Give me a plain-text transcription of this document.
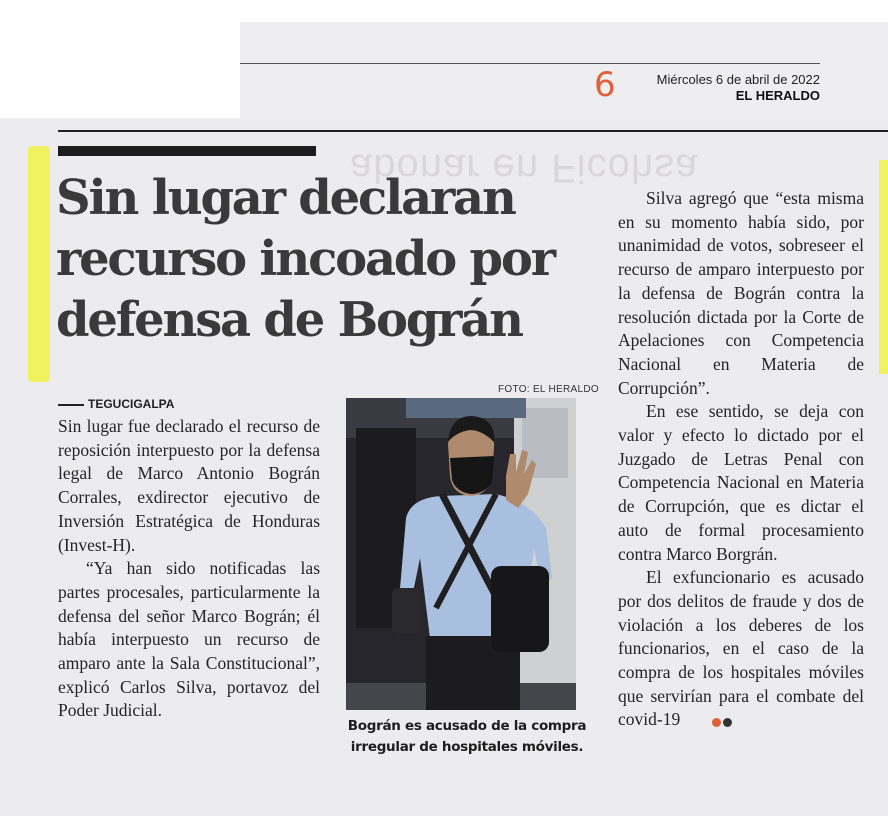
6	Miércoles 6 de abril de 2022
EL HERALDO
abonar en Ficohsa
Sin lugar declaran recurso incoado por defensa de Bográn
FOTO: EL HERALDO
TEGUCIGALPA

Sin lugar fue declarado el recurso de reposición interpuesto por la defensa legal de Marco Antonio Bográn Corrales, exdirector ejecutivo de Inversión Estratégica de Honduras (Invest-H).

“Ya han sido notificadas las partes procesales, particularmente la defensa del señor Marco Bográn; él había interpuesto un recurso de amparo ante la Sala Constitucional”, explicó Carlos Silva, portavoz del Poder Judicial.

Bográn es acusado de la compra irregular de hospitales móviles.

Silva agregó que “esta misma en su momento había sido, por unanimidad de votos, sobreseer el recurso de amparo interpuesto por la defensa de Bográn contra la resolución dictada por la Corte de Apelaciones con Competencia Nacional en Materia de Corrupción”.

En ese sentido, se deja con valor y efecto lo dictado por el Juzgado de Letras Penal con Competencia Nacional en Materia de Corrupción, que es dictar el auto de formal procesamiento contra Marco Borgrán.

El exfuncionario es acusado por dos delitos de fraude y dos de violación a los deberes de los funcionarios, en el caso de la compra de los hospitales móviles que servirían para el combate del covid-19
